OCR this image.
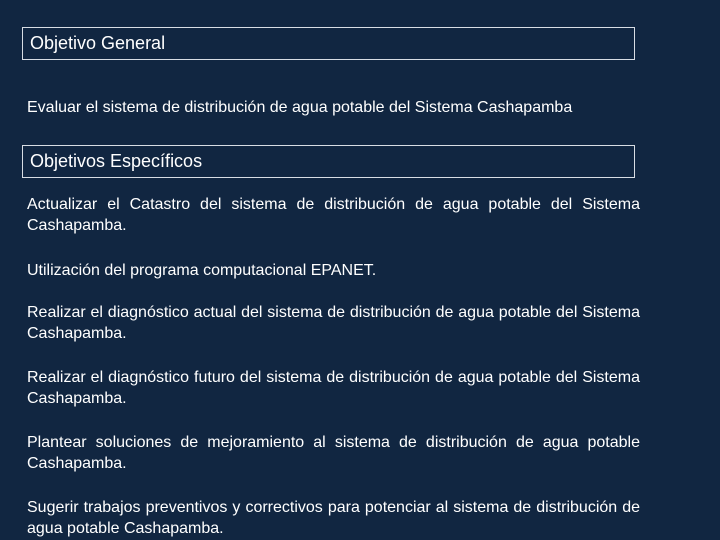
Objetivo General
Evaluar el sistema de distribución de agua potable del Sistema Cashapamba
Objetivos Específicos
Actualizar el Catastro del sistema de distribución de agua potable del Sistema Cashapamba.
Utilización del programa computacional EPANET.
Realizar el diagnóstico actual del sistema de distribución de agua potable del Sistema Cashapamba.
Realizar el diagnóstico futuro del sistema de distribución de agua potable del Sistema Cashapamba.
Plantear soluciones de mejoramiento al sistema de distribución de agua potable Cashapamba.
Sugerir trabajos preventivos y correctivos para potenciar al sistema de distribución de agua potable Cashapamba.
